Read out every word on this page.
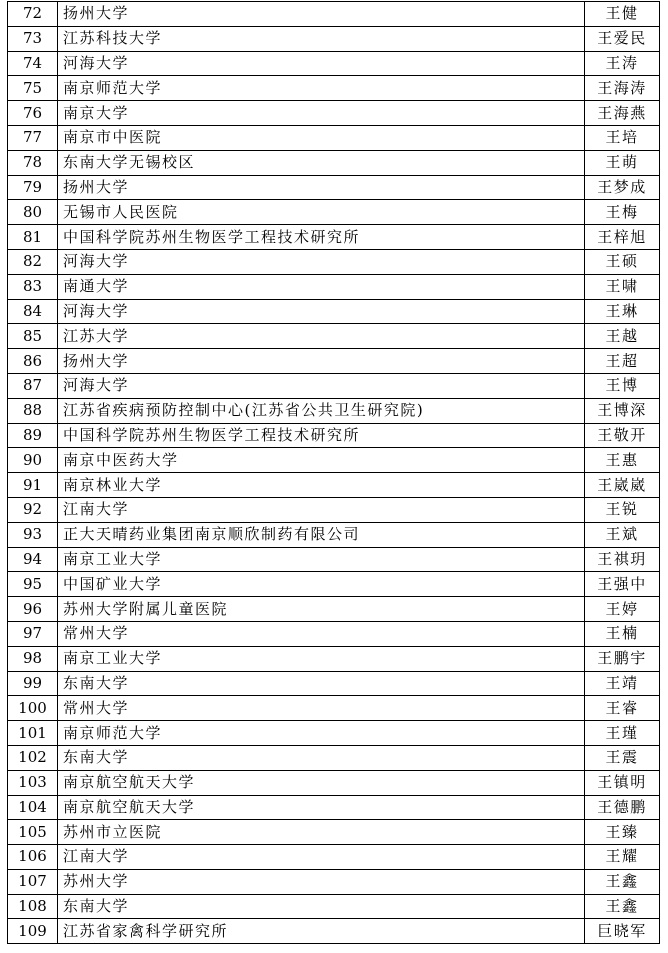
72	扬州大学	王健
73	江苏科技大学	王爱民
74	河海大学	王涛
75	南京师范大学	王海涛
76	南京大学	王海燕
77	南京市中医院	王培
78	东南大学无锡校区	王萌
79	扬州大学	王梦成
80	无锡市人民医院	王梅
81	中国科学院苏州生物医学工程技术研究所	王梓旭
82	河海大学	王硕
83	南通大学	王啸
84	河海大学	王琳
85	江苏大学	王越
86	扬州大学	王超
87	河海大学	王博
88	江苏省疾病预防控制中心(江苏省公共卫生研究院)	王博深
89	中国科学院苏州生物医学工程技术研究所	王敬开
90	南京中医药大学	王惠
91	南京林业大学	王崴崴
92	江南大学	王锐
93	正大天晴药业集团南京顺欣制药有限公司	王斌
94	南京工业大学	王祺玥
95	中国矿业大学	王强中
96	苏州大学附属儿童医院	王婷
97	常州大学	王楠
98	南京工业大学	王鹏宇
99	东南大学	王靖
100	常州大学	王睿
101	南京师范大学	王瑾
102	东南大学	王震
103	南京航空航天大学	王镇明
104	南京航空航天大学	王德鹏
105	苏州市立医院	王臻
106	江南大学	王耀
107	苏州大学	王鑫
108	东南大学	王鑫
109	江苏省家禽科学研究所	巨晓军
